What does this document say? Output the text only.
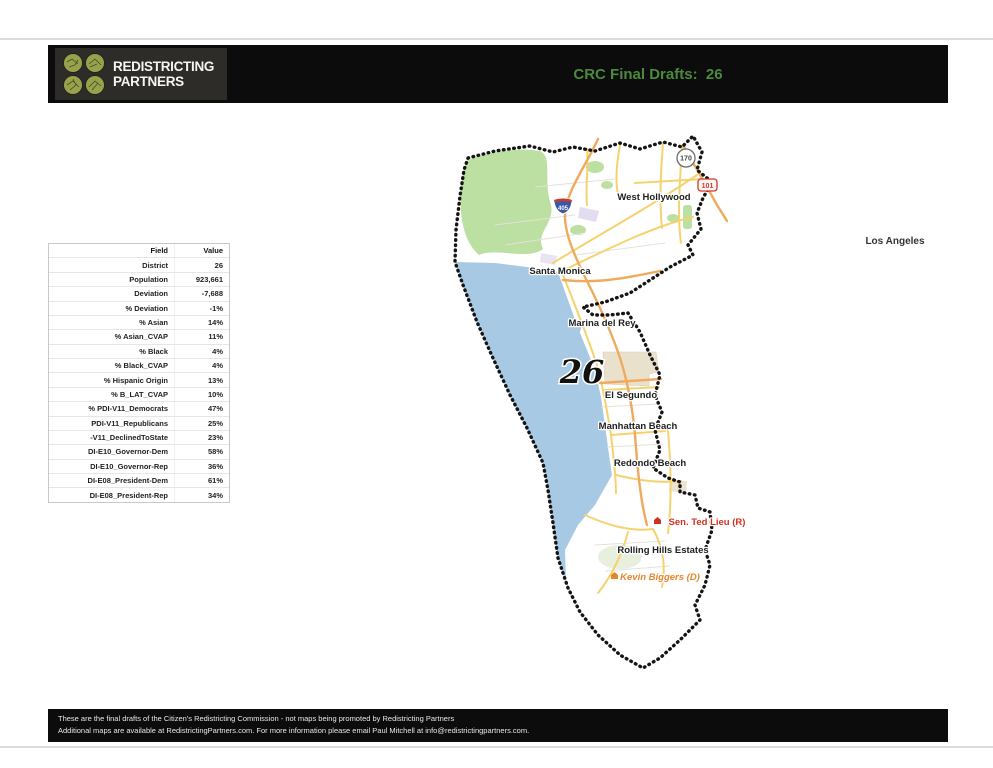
REDISTRICTING
PARTNERS	CRC Final Drafts:  26
Field	Value
District	26
Population	923,661
Deviation	-7,688
% Deviation	-1%
% Asian	14%
% Asian_CVAP	11%
% Black	4%
% Black_CVAP	4%
% Hispanic Origin	13%
% B_LAT_CVAP	10%
% PDI-V11_Democrats	47%
PDI-V11_Republicans	25%
-V11_DeclinedToState	23%
DI-E10_Governor-Dem	58%
DI-E10_Governor-Rep	36%
DI-E08_President-Dem	61%
DI-E08_President-Rep	34%
170
101
405
West Hollywood
Santa Monica
Marina del Rey
El Segundo
Manhattan Beach
Redondo Beach
Rolling Hills Estates
Los Angeles
26
Sen. Ted Lieu (R)
Kevin Biggers (D)
These are the final drafts of the Citizen's Redistricting Commission - not maps being promoted by Redistricting Partners
Additional maps are available at RedistrictingPartners.com. For more information please email Paul Mitchell at info@redistrictingpartners.com.
